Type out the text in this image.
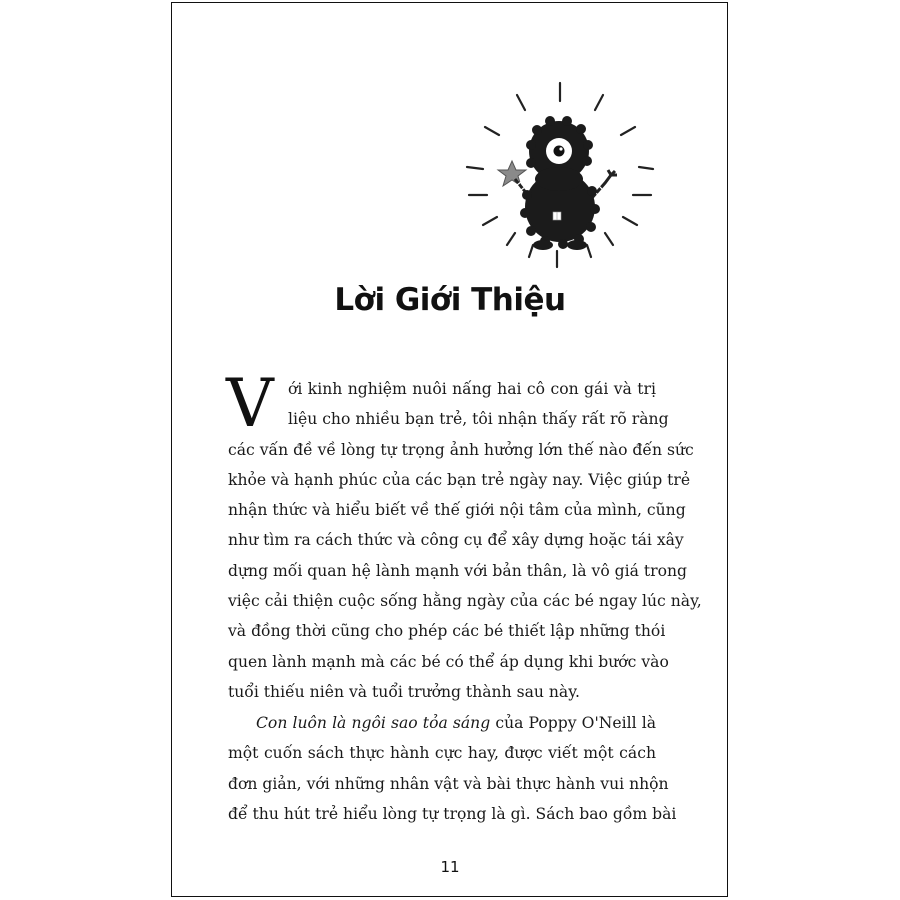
Lời Giới Thiệu
V ới kinh nghiệm nuôi nấng hai cô con gái và trị
liệu cho nhiều bạn trẻ, tôi nhận thấy rất rõ ràng
các vấn đề về lòng tự trọng ảnh hưởng lớn thế nào đến sức
khỏe và hạnh phúc của các bạn trẻ ngày nay. Việc giúp trẻ
nhận thức và hiểu biết về thế giới nội tâm của mình, cũng
như tìm ra cách thức và công cụ để xây dựng hoặc tái xây
dựng mối quan hệ lành mạnh với bản thân, là vô giá trong
việc cải thiện cuộc sống hằng ngày của các bé ngay lúc này,
và đồng thời cũng cho phép các bé thiết lập những thói
quen lành mạnh mà các bé có thể áp dụng khi bước vào
tuổi thiếu niên và tuổi trưởng thành sau này.
Con luôn là ngôi sao tỏa sáng của Poppy O'Neill là
một cuốn sách thực hành cực hay, được viết một cách
đơn giản, với những nhân vật và bài thực hành vui nhộn
để thu hút trẻ hiểu lòng tự trọng là gì. Sách bao gồm bài
11
